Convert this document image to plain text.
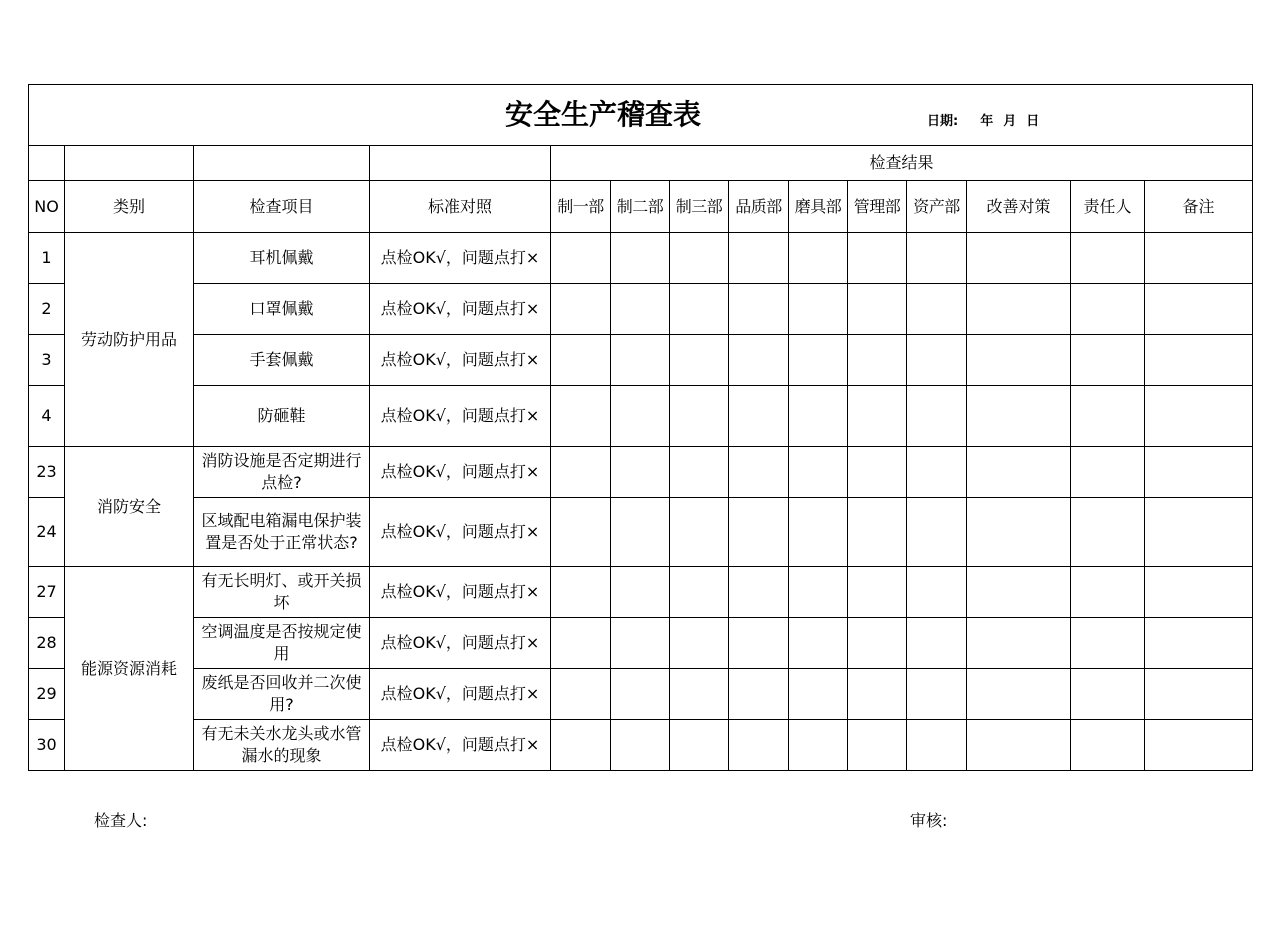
安全生产稽查表 日期: 年 月 日													

				检查结果									
NO	类别	检查项目	标准对照	制一部	制二部	制三部	品质部	磨具部	管理部	资产部	改善对策	责任人	备注
1	劳动防护用品	耳机佩戴	点检OK√，问题点打×										
2		口罩佩戴	点检OK√，问题点打×										
3		手套佩戴	点检OK√，问题点打×										
4		防砸鞋	点检OK√，问题点打×										
23	消防安全	消防设施是否定期进行点检?	点检OK√，问题点打×										
24		区域配电箱漏电保护装置是否处于正常状态?	点检OK√，问题点打×										
27	能源资源消耗	有无长明灯、或开关损坏	点检OK√，问题点打×										
28		空调温度是否按规定使用	点检OK√，问题点打×										
29		废纸是否回收并二次使用?	点检OK√，问题点打×										
30		有无未关水龙头或水管漏水的现象	点检OK√，问题点打×										
检查人:	审核:
